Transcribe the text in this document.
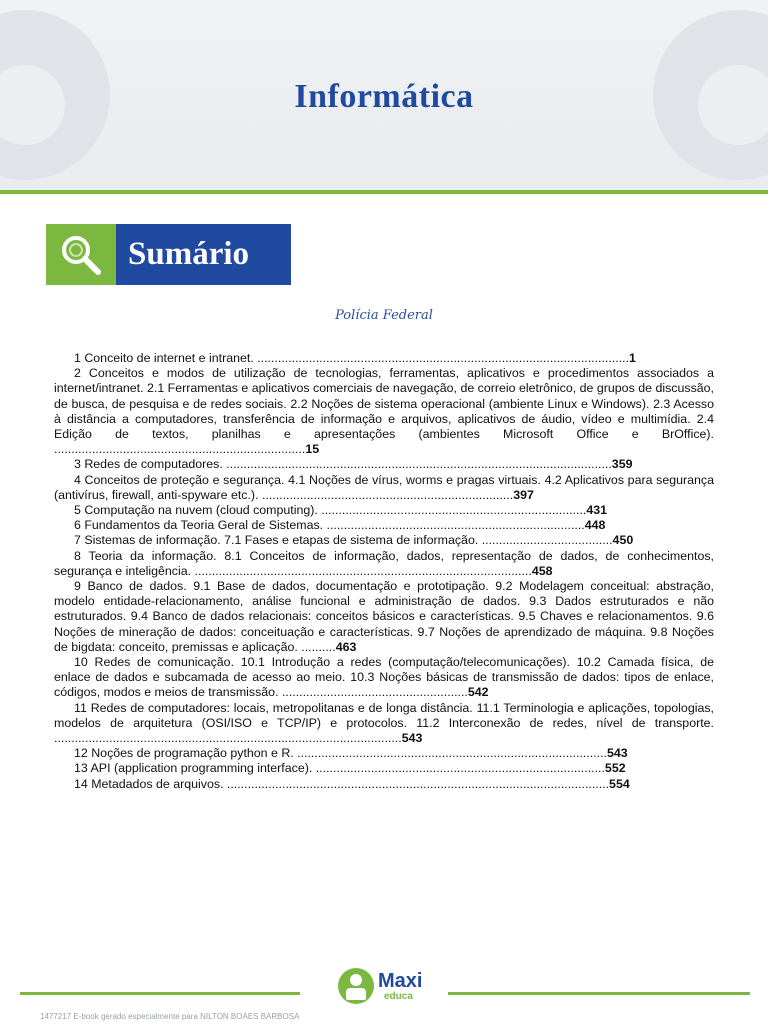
Informática
Sumário
Polícia Federal
1 Conceito de internet e intranet. ............................................................................................................1
2 Conceitos e modos de utilização de tecnologias, ferramentas, aplicativos e procedimentos associados a internet/intranet. 2.1 Ferramentas e aplicativos comerciais de navegação, de correio eletrônico, de grupos de discussão, de busca, de pesquisa e de redes sociais. 2.2 Noções de sistema operacional (ambiente Linux e Windows). 2.3 Acesso à distância a computadores, transferência de informação e arquivos, aplicativos de áudio, vídeo e multimídia. 2.4 Edição de textos, planilhas e apresentações (ambientes Microsoft Office e BrOffice). .........................................................................15
3 Redes de computadores. ................................................................................................................359
4 Conceitos de proteção e segurança. 4.1 Noções de vírus, worms e pragas virtuais. 4.2 Aplicativos para segurança (antivírus, firewall, anti-spyware etc.). .........................................................................397
5 Computação na nuvem (cloud computing). .............................................................................431
6 Fundamentos da Teoria Geral de Sistemas. ...........................................................................448
7 Sistemas de informação. 7.1 Fases e etapas de sistema de informação. ......................................450
8 Teoria da informação. 8.1 Conceitos de informação, dados, representação de dados, de conhecimentos, segurança e inteligência. ..................................................................................................458
9 Banco de dados. 9.1 Base de dados, documentação e prototipação. 9.2 Modelagem conceitual: abstração, modelo entidade-relacionamento, análise funcional e administração de dados. 9.3 Dados estruturados e não estruturados. 9.4 Banco de dados relacionais: conceitos básicos e características. 9.5 Chaves e relacionamentos. 9.6 Noções de mineração de dados: conceituação e características. 9.7 Noções de aprendizado de máquina. 9.8 Noções de bigdata: conceito, premissas e aplicação. ..........463
10 Redes de comunicação. 10.1 Introdução a redes (computação/telecomunicações). 10.2 Camada física, de enlace de dados e subcamada de acesso ao meio. 10.3 Noções básicas de transmissão de dados: tipos de enlace, códigos, modos e meios de transmissão. ......................................................542
11 Redes de computadores: locais, metropolitanas e de longa distância. 11.1 Terminologia e aplicações, topologias, modelos de arquitetura (OSI/ISO e TCP/IP) e protocolos. 11.2 Interconexão de redes, nível de transporte. .....................................................................................................543
12 Noções de programação python e R. ..........................................................................................543
13 API (application programming interface). ....................................................................................552
14 Metadados de arquivos. ...............................................................................................................554
Maxi
educa
1477217 E-book gerado especialmente para NILTON BOAES BARBOSA
